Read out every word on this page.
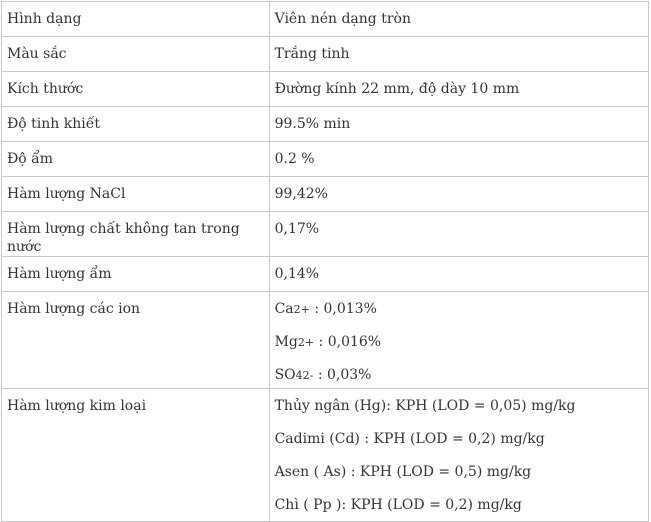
Hình dạng	Viên nén dạng tròn
Màu sắc	Trắng tinh
Kích thước	Đường kính 22 mm, độ dày 10 mm
Độ tinh khiết	99.5% min
Độ ẩm	0.2 %
Hàm lượng NaCl	99,42%
Hàm lượng chất không tan trong nước	0,17%
Hàm lượng ẩm	0,14%
Hàm lượng các ion	Ca2+ : 0,013%
Mg2+ : 0,016%
SO42- : 0,03%

Hàm lượng kim loại	Thủy ngân (Hg): KPH (LOD = 0,05) mg/kg
Cadimi (Cd) : KPH (LOD = 0,2) mg/kg
Asen ( As) : KPH (LOD = 0,5) mg/kg
Chì ( Pp ): KPH (LOD = 0,2) mg/kg
